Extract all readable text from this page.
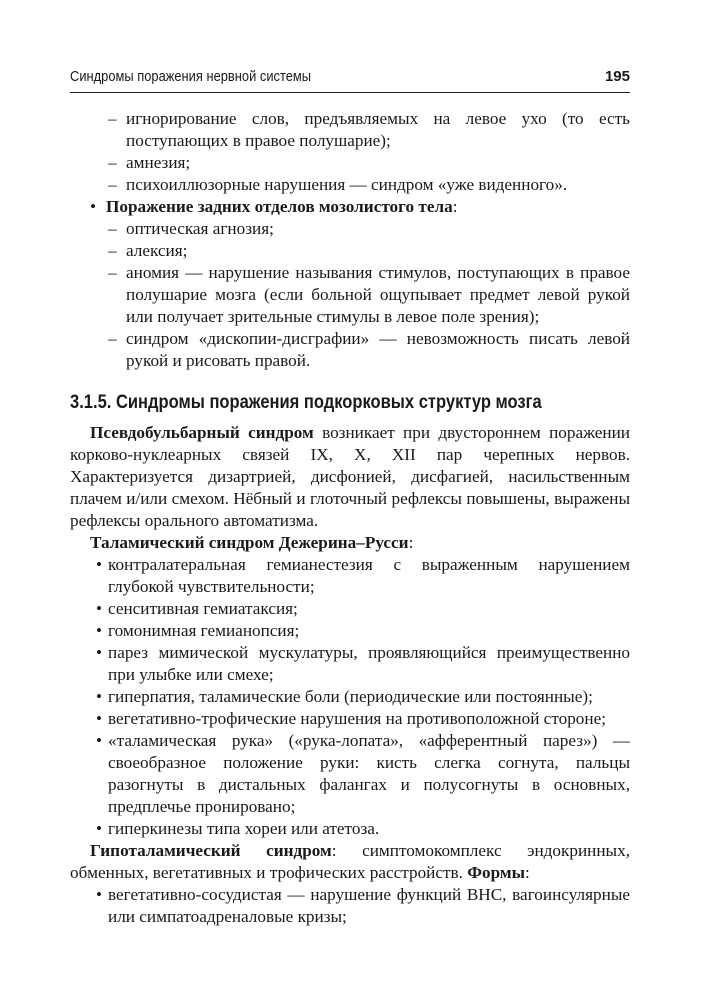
Синдромы поражения нервной системы	195
– игнорирование слов, предъявляемых на левое ухо (то есть поступающих в правое полушарие);
– амнезия;
– психоиллюзорные нарушения — синдром «уже виденного».
• Поражение задних отделов мозолистого тела:
– оптическая агнозия;
– алексия;
– аномия — нарушение называния стимулов, поступающих в правое полушарие мозга (если больной ощупывает предмет левой рукой или получает зрительные стимулы в левое поле зрения);
– синдром «дископии-дисграфии» — невозможность писать левой рукой и рисовать правой.
3.1.5. Синдромы поражения подкорковых структур мозга
Псевдобульбарный синдром возникает при двустороннем поражении корково-нуклеарных связей IX, X, XII пар черепных нервов. Характеризуется дизартрией, дисфонией, дисфагией, насильственным плачем и/или смехом. Нёбный и глоточный рефлексы повышены, выражены рефлексы орального автоматизма.
Таламический синдром Дежерина–Русси:
• контралатеральная гемианестезия с выраженным нарушением глубокой чувствительности;
• сенситивная гемиатаксия;
• гомонимная гемианопсия;
• парез мимической мускулатуры, проявляющийся преимущественно при улыбке или смехе;
• гиперпатия, таламические боли (периодические или постоянные);
• вегетативно-трофические нарушения на противоположной стороне;
• «таламическая рука» («рука-лопата», «афферентный парез») — своеобразное положение руки: кисть слегка согнута, пальцы разогнуты в дистальных фалангах и полусогнуты в основных, предплечье пронировано;
• гиперкинезы типа хореи или атетоза.
Гипоталамический синдром: симптомокомплекс эндокринных, обменных, вегетативных и трофических расстройств. Формы:
• вегетативно-сосудистая — нарушение функций ВНС, вагоинсулярные или симпатоадреналовые кризы;
